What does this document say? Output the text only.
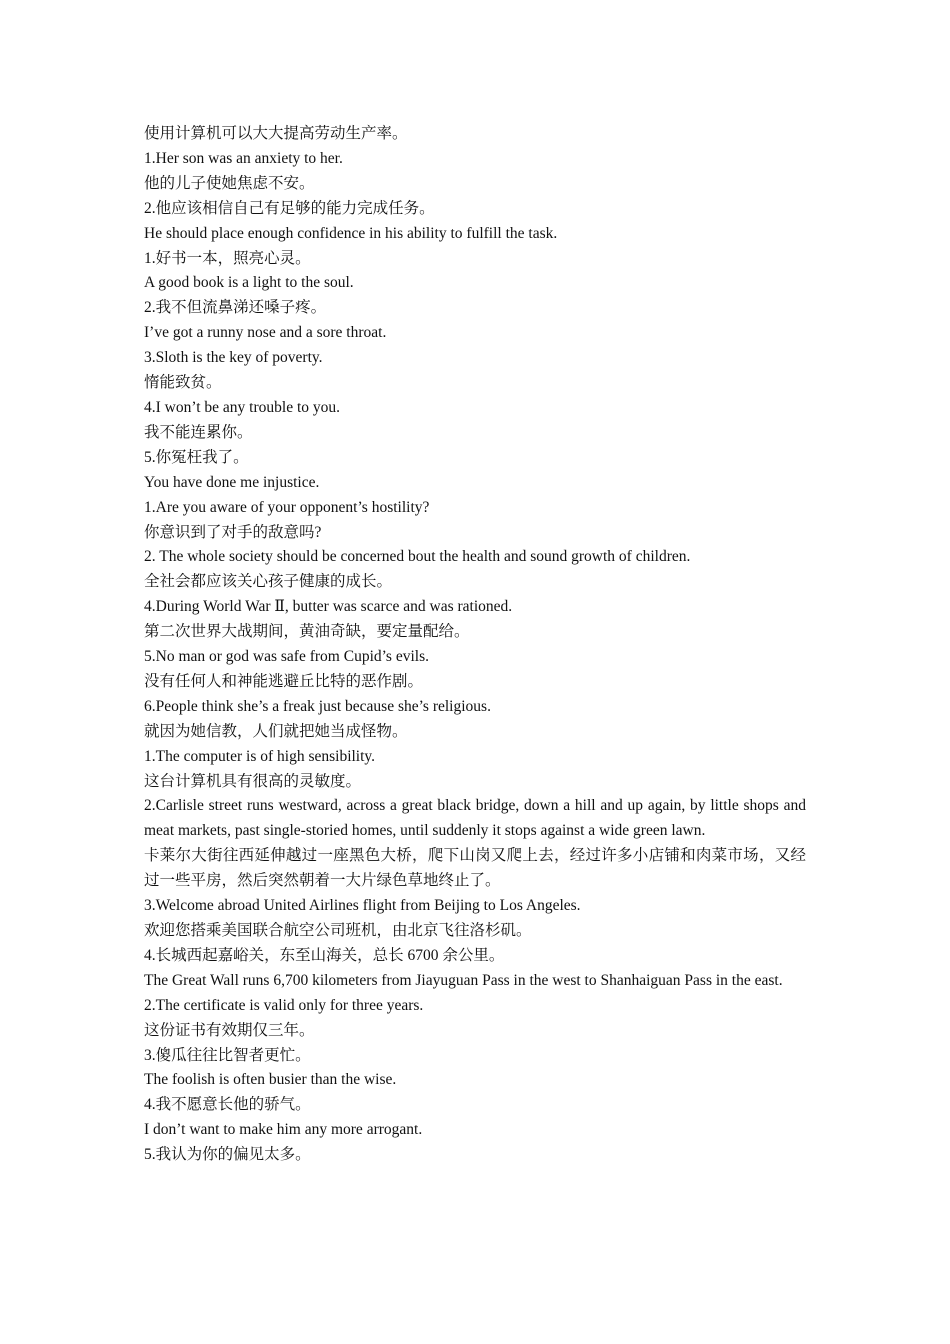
使用计算机可以大大提高劳动生产率。

1.Her son was an anxiety to her.

他的儿子使她焦虑不安。

2.他应该相信自己有足够的能力完成任务。

He should place enough confidence in his ability to fulfill the task.

1.好书一本，照亮心灵。

A good book is a light to the soul.

2.我不但流鼻涕还嗓子疼。

I’ve got a runny nose and a sore throat.

3.Sloth is the key of poverty.

惰能致贫。

4.I won’t be any trouble to you.

我不能连累你。

5.你冤枉我了。

You have done me injustice.

1.Are you aware of your opponent’s hostility?

你意识到了对手的敌意吗?

2. The whole society should be concerned bout the health and sound growth of children.

全社会都应该关心孩子健康的成长。

4.During World War Ⅱ, butter was scarce and was rationed.

第二次世界大战期间，黄油奇缺，要定量配给。

5.No man or god was safe from Cupid’s evils.

没有任何人和神能逃避丘比特的恶作剧。

6.People think she’s a freak just because she’s religious.

就因为她信教，人们就把她当成怪物。

1.The computer is of high sensibility.

这台计算机具有很高的灵敏度。

2.Carlisle street runs westward, across a great black bridge, down a hill and up again, by little shops and meat markets, past single-storied homes, until suddenly it stops against a wide green lawn.

卡莱尔大街往西延伸越过一座黑色大桥，爬下山岗又爬上去，经过许多小店铺和肉菜市场，又经过一些平房，然后突然朝着一大片绿色草地终止了。

3.Welcome abroad United Airlines flight from Beijing to Los Angeles.

欢迎您搭乘美国联合航空公司班机，由北京飞往洛杉矶。

4.长城西起嘉峪关，东至山海关，总长 6700 余公里。

The Great Wall runs 6,700 kilometers from Jiayuguan Pass in the west to Shanhaiguan Pass in the east.

2.The certificate is valid only for three years.

这份证书有效期仅三年。

3.傻瓜往往比智者更忙。

The foolish is often busier than the wise.

4.我不愿意长他的骄气。

I don’t want to make him any more arrogant.

5.我认为你的偏见太多。
